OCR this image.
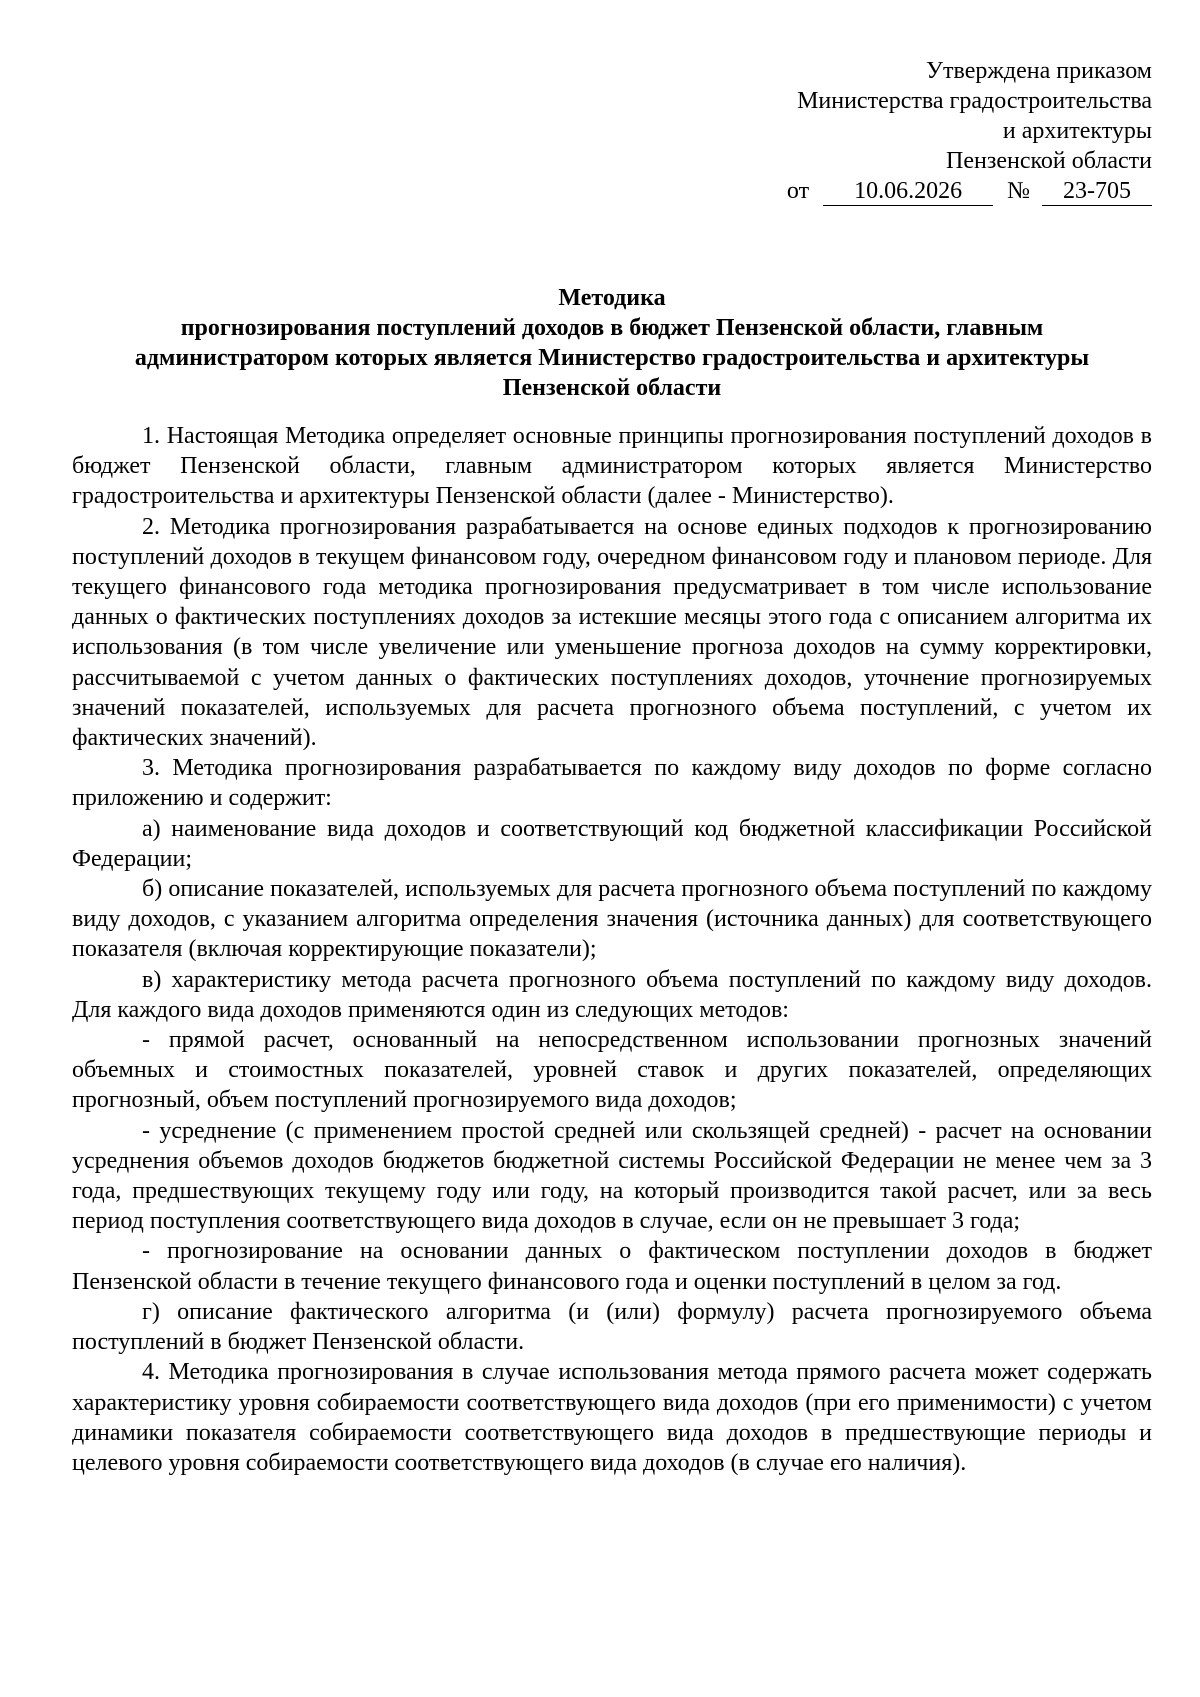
Утверждена приказом
Министерства градостроительства
и архитектуры
Пензенской области
от	10.06.2026	№	23-705
Методика
прогнозирования поступлений доходов в бюджет Пензенской области, главным
администратором которых является Министерство градостроительства и архитектуры
Пензенской области

1. Настоящая Методика определяет основные принципы прогнозирования поступлений доходов в бюджет Пензенской области, главным администратором которых является Министерство градостроительства и архитектуры Пензенской области (далее - Министерство).

2. Методика прогнозирования разрабатывается на основе единых подходов к прогнозированию поступлений доходов в текущем финансовом году, очередном финансовом году и плановом периоде. Для текущего финансового года методика прогнозирования предусматривает в том числе использование данных о фактических поступлениях доходов за истекшие месяцы этого года с описанием алгоритма их использования (в том числе увеличение или уменьшение прогноза доходов на сумму корректировки, рассчитываемой с учетом данных о фактических поступлениях доходов, уточнение прогнозируемых значений показателей, используемых для расчета прогнозного объема поступлений, с учетом их фактических значений).

3. Методика прогнозирования разрабатывается по каждому виду доходов по форме согласно приложению и содержит:

а) наименование вида доходов и соответствующий код бюджетной классификации Российской Федерации;

б) описание показателей, используемых для расчета прогнозного объема поступлений по каждому виду доходов, с указанием алгоритма определения значения (источника данных) для соответствующего показателя (включая корректирующие показатели);

в) характеристику метода расчета прогнозного объема поступлений по каждому виду доходов. Для каждого вида доходов применяются один из следующих методов:

- прямой расчет, основанный на непосредственном использовании прогнозных значений объемных и стоимостных показателей, уровней ставок и других показателей, определяющих прогнозный, объем поступлений прогнозируемого вида доходов;

- усреднение (с применением простой средней или скользящей средней) - расчет на основании усреднения объемов доходов бюджетов бюджетной системы Российской Федерации не менее чем за 3 года, предшествующих текущему году или году, на который производится такой расчет, или за весь период поступления соответствующего вида доходов в случае, если он не превышает 3 года;

- прогнозирование на основании данных о фактическом поступлении доходов в бюджет Пензенской области в течение текущего финансового года и оценки поступлений в целом за год.

г) описание фактического алгоритма (и (или) формулу) расчета прогнозируемого объема поступлений в бюджет Пензенской области.

4. Методика прогнозирования в случае использования метода прямого расчета может содержать характеристику уровня собираемости соответствующего вида доходов (при его применимости) с учетом динамики показателя собираемости соответствующего вида доходов в предшествующие периоды и целевого уровня собираемости соответствующего вида доходов (в случае его наличия).
